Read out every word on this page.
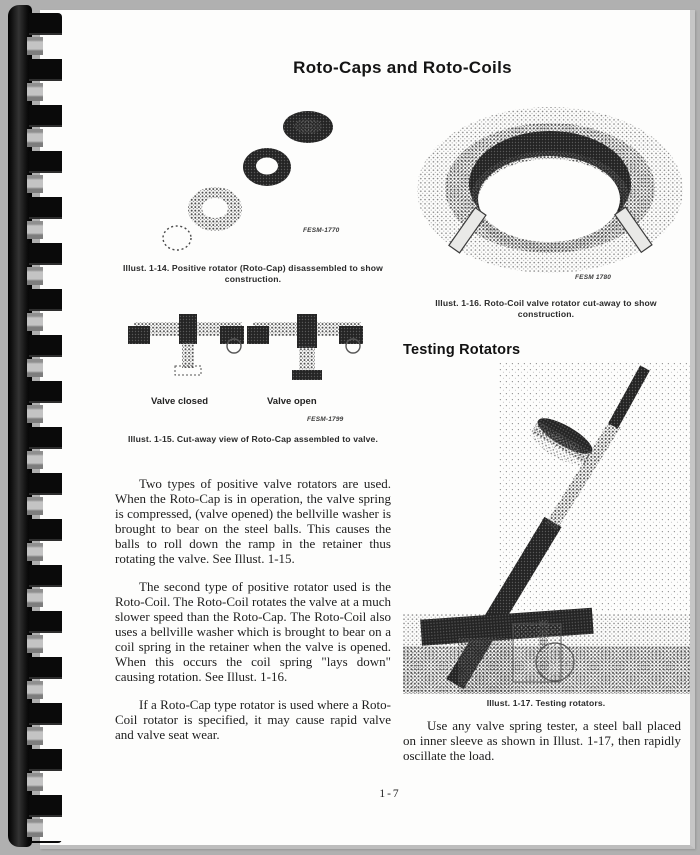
Roto-Caps and Roto-Coils
FESM-1770
Illust. 1-14. Positive rotator (Roto-Cap) disassembled to show construction.
Valve closed	Valve open
FESM-1799
Illust. 1-15. Cut-away view of Roto-Cap assembled to valve.

Two types of positive valve rotators are used. When the Roto-Cap is in operation, the valve spring is compressed, (valve opened) the bellville washer is brought to bear on the steel balls. This causes the balls to roll down the ramp in the retainer thus rotating the valve. See Illust. 1-15.

The second type of positive rotator used is the Roto-Coil. The Roto-Coil rotates the valve at a much slower speed than the Roto-Cap. The Roto-Coil also uses a bellville washer which is brought to bear on a coil spring in the retainer when the valve is opened. When this occurs the coil spring "lays down" causing rotation. See Illust. 1-16.

If a Roto-Cap type rotator is used where a Roto-Coil rotator is specified, it may cause rapid valve and valve seat wear.

FESM 1780
Illust. 1-16. Roto-Coil valve rotator cut-away to show construction.
Testing Rotators
Illust. 1-17. Testing rotators.

Use any valve spring tester, a steel ball placed on inner sleeve as shown in Illust. 1-17, then rapidly oscillate the load.

1-7
